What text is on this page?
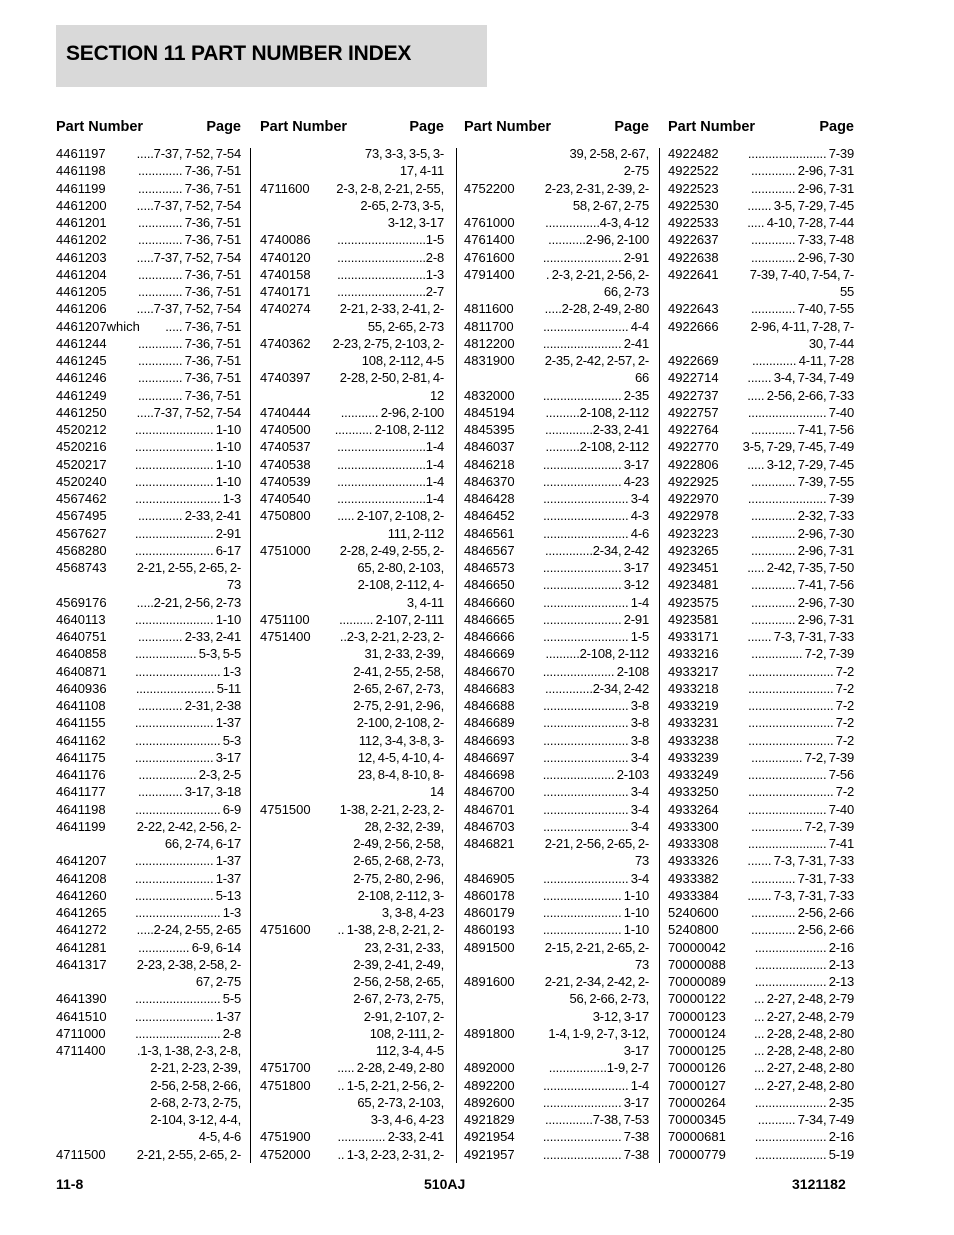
SECTION 11 PART NUMBER INDEX
Part Number	Page
4461197	.....7-37, 7-52, 7-54
4461198	............. 7-36, 7-51
4461199	............. 7-36, 7-51
4461200	.....7-37, 7-52, 7-54
4461201	............. 7-36, 7-51
4461202	............. 7-36, 7-51
4461203	.....7-37, 7-52, 7-54
4461204	............. 7-36, 7-51
4461205	............. 7-36, 7-51
4461206	.....7-37, 7-52, 7-54
4461207which	..... 7-36, 7-51
4461244	............. 7-36, 7-51
4461245	............. 7-36, 7-51
4461246	............. 7-36, 7-51
4461249	............. 7-36, 7-51
4461250	.....7-37, 7-52, 7-54
4520212	....................... 1-10
4520216	....................... 1-10
4520217	....................... 1-10
4520240	....................... 1-10
4567462	......................... 1-3
4567495	............. 2-33, 2-41
4567627	....................... 2-91
4568280	....................... 6-17
4568743	2-21, 2-55, 2-65, 2-
73
4569176	.....2-21, 2-56, 2-73
4640113	....................... 1-10
4640751	............. 2-33, 2-41
4640858	.................. 5-3, 5-5
4640871	......................... 1-3
4640936	....................... 5-11
4641108	............. 2-31, 2-38
4641155	....................... 1-37
4641162	......................... 5-3
4641175	....................... 3-17
4641176	................. 2-3, 2-5
4641177	............. 3-17, 3-18
4641198	......................... 6-9
4641199	2-22, 2-42, 2-56, 2-
66, 2-74, 6-17
4641207	....................... 1-37
4641208	....................... 1-37
4641260	....................... 5-13
4641265	......................... 1-3
4641272	.....2-24, 2-55, 2-65
4641281	............... 6-9, 6-14
4641317	2-23, 2-38, 2-58, 2-
67, 2-75
4641390	......................... 5-5
4641510	....................... 1-37
4711000	......................... 2-8
4711400	.1-3, 1-38, 2-3, 2-8,
2-21, 2-23, 2-39,
2-56, 2-58, 2-66,
2-68, 2-73, 2-75,
2-104, 3-12, 4-4,
4-5, 4-6
4711500	2-21, 2-55, 2-65, 2-
Part Number	Page
73, 3-3, 3-5, 3-
17, 4-11
4711600	2-3, 2-8, 2-21, 2-55,
2-65, 2-73, 3-5,
3-12, 3-17
4740086	..........................1-5
4740120	..........................2-8
4740158	..........................1-3
4740171	..........................2-7
4740274	2-21, 2-33, 2-41, 2-
55, 2-65, 2-73
4740362	2-23, 2-75, 2-103, 2-
108, 2-112, 4-5
4740397	2-28, 2-50, 2-81, 4-
12
4740444	........... 2-96, 2-100
4740500	........... 2-108, 2-112
4740537	..........................1-4
4740538	..........................1-4
4740539	..........................1-4
4740540	..........................1-4
4750800	..... 2-107, 2-108, 2-
111, 2-112
4751000	2-28, 2-49, 2-55, 2-
65, 2-80, 2-103,
2-108, 2-112, 4-
3, 4-11
4751100	.......... 2-107, 2-111
4751400	..2-3, 2-21, 2-23, 2-
31, 2-33, 2-39,
2-41, 2-55, 2-58,
2-65, 2-67, 2-73,
2-75, 2-91, 2-96,
2-100, 2-108, 2-
112, 3-4, 3-8, 3-
12, 4-5, 4-10, 4-
23, 8-4, 8-10, 8-
14
4751500	1-38, 2-21, 2-23, 2-
28, 2-32, 2-39,
2-49, 2-56, 2-58,
2-65, 2-68, 2-73,
2-75, 2-80, 2-96,
2-108, 2-112, 3-
3, 3-8, 4-23
4751600	.. 1-38, 2-8, 2-21, 2-
23, 2-31, 2-33,
2-39, 2-41, 2-49,
2-56, 2-58, 2-65,
2-67, 2-73, 2-75,
2-91, 2-107, 2-
108, 2-111, 2-
112, 3-4, 4-5
4751700	..... 2-28, 2-49, 2-80
4751800	.. 1-5, 2-21, 2-56, 2-
65, 2-73, 2-103,
3-3, 4-6, 4-23
4751900	.............. 2-33, 2-41
4752000	.. 1-3, 2-23, 2-31, 2-
Part Number	Page
39, 2-58, 2-67,
2-75
4752200	2-23, 2-31, 2-39, 2-
58, 2-67, 2-75
4761000	................4-3, 4-12
4761400	...........2-96, 2-100
4761600	....................... 2-91
4791400	. 2-3, 2-21, 2-56, 2-
66, 2-73
4811600	.....2-28, 2-49, 2-80
4811700	......................... 4-4
4812200	....................... 2-41
4831900	2-35, 2-42, 2-57, 2-
66
4832000	....................... 2-35
4845194	..........2-108, 2-112
4845395	..............2-33, 2-41
4846037	..........2-108, 2-112
4846218	....................... 3-17
4846370	....................... 4-23
4846428	......................... 3-4
4846452	......................... 4-3
4846561	......................... 4-6
4846567	..............2-34, 2-42
4846573	....................... 3-17
4846650	....................... 3-12
4846660	......................... 1-4
4846665	....................... 2-91
4846666	......................... 1-5
4846669	..........2-108, 2-112
4846670	..................... 2-108
4846683	..............2-34, 2-42
4846688	......................... 3-8
4846689	......................... 3-8
4846693	......................... 3-8
4846697	......................... 3-4
4846698	..................... 2-103
4846700	......................... 3-4
4846701	......................... 3-4
4846703	......................... 3-4
4846821	2-21, 2-56, 2-65, 2-
73
4846905	......................... 3-4
4860178	....................... 1-10
4860179	....................... 1-10
4860193	....................... 1-10
4891500	2-15, 2-21, 2-65, 2-
73
4891600	2-21, 2-34, 2-42, 2-
56, 2-66, 2-73,
3-12, 3-17
4891800	1-4, 1-9, 2-7, 3-12,
3-17
4892000	.................1-9, 2-7
4892200	......................... 1-4
4892600	....................... 3-17
4921829	..............7-38, 7-53
4921954	....................... 7-38
4921957	....................... 7-38
Part Number	Page
4922482	....................... 7-39
4922522	............. 2-96, 7-31
4922523	............. 2-96, 7-31
4922530	....... 3-5, 7-29, 7-45
4922533	..... 4-10, 7-28, 7-44
4922637	............. 7-33, 7-48
4922638	............. 2-96, 7-30
4922641	7-39, 7-40, 7-54, 7-
55
4922643	............. 7-40, 7-55
4922666	2-96, 4-11, 7-28, 7-
30, 7-44
4922669	............. 4-11, 7-28
4922714	....... 3-4, 7-34, 7-49
4922737	..... 2-56, 2-66, 7-33
4922757	....................... 7-40
4922764	............. 7-41, 7-56
4922770	3-5, 7-29, 7-45, 7-49
4922806	..... 3-12, 7-29, 7-45
4922925	............. 7-39, 7-55
4922970	....................... 7-39
4922978	............. 2-32, 7-33
4923223	............. 2-96, 7-30
4923265	............. 2-96, 7-31
4923451	..... 2-42, 7-35, 7-50
4923481	............. 7-41, 7-56
4923575	............. 2-96, 7-30
4923581	............. 2-96, 7-31
4933171	....... 7-3, 7-31, 7-33
4933216	............... 7-2, 7-39
4933217	......................... 7-2
4933218	......................... 7-2
4933219	......................... 7-2
4933231	......................... 7-2
4933238	......................... 7-2
4933239	............... 7-2, 7-39
4933249	....................... 7-56
4933250	......................... 7-2
4933264	....................... 7-40
4933300	............... 7-2, 7-39
4933308	....................... 7-41
4933326	....... 7-3, 7-31, 7-33
4933382	............. 7-31, 7-33
4933384	....... 7-3, 7-31, 7-33
5240600	............. 2-56, 2-66
5240800	............. 2-56, 2-66
70000042	..................... 2-16
70000088	..................... 2-13
70000089	..................... 2-13
70000122	... 2-27, 2-48, 2-79
70000123	... 2-27, 2-48, 2-79
70000124	... 2-28, 2-48, 2-80
70000125	... 2-28, 2-48, 2-80
70000126	... 2-27, 2-48, 2-80
70000127	... 2-27, 2-48, 2-80
70000264	..................... 2-35
70000345	........... 7-34, 7-49
70000681	..................... 2-16
70000779	..................... 5-19
11-8	510AJ	3121182
